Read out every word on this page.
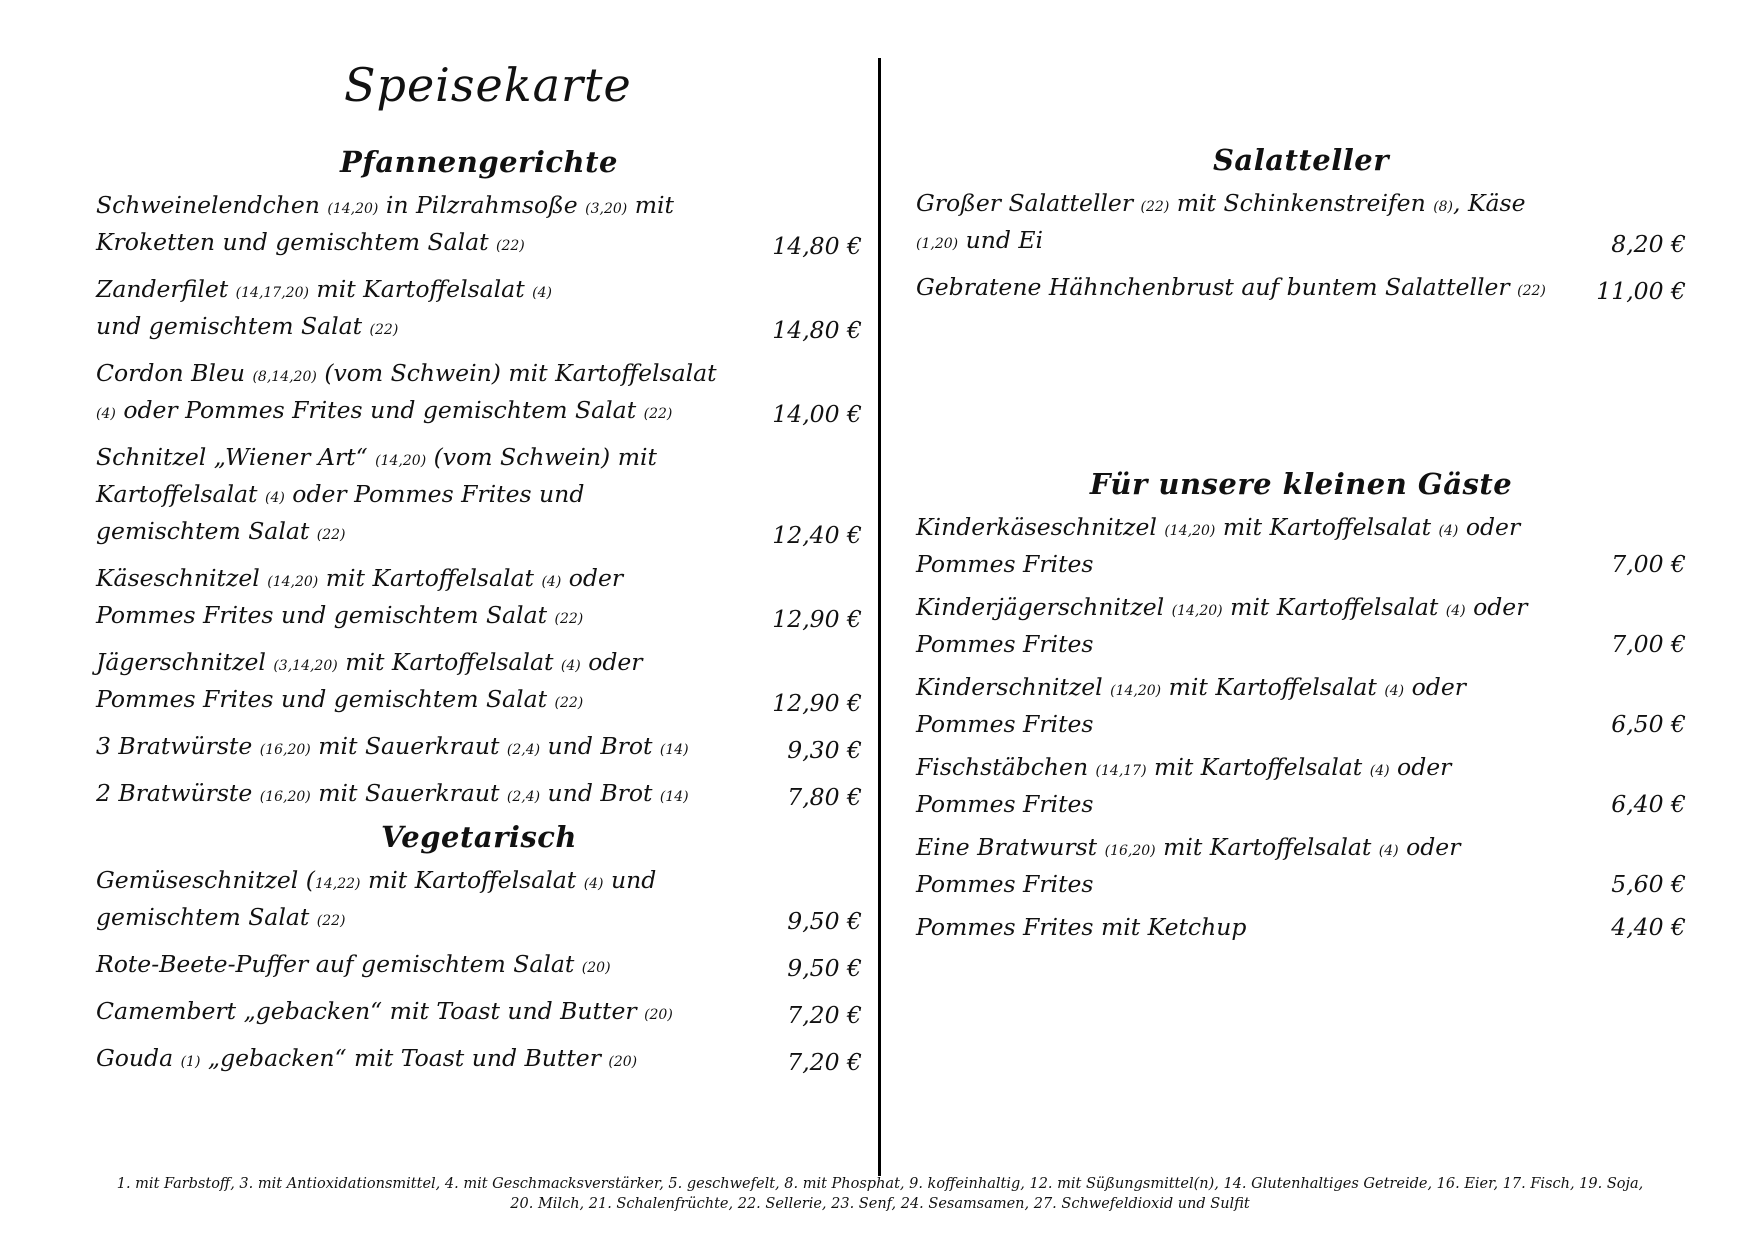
Speisekarte
Pfannengerichte
Schweinelendchen (14,20) in Pilzrahmsoße (3,20) mit
Kroketten und gemischtem Salat (22)	14,80 €
Zanderfilet (14,17,20) mit Kartoffelsalat (4)
und gemischtem Salat (22)	14,80 €
Cordon Bleu (8,14,20) (vom Schwein) mit Kartoffelsalat
(4) oder Pommes Frites und gemischtem Salat (22)	14,00 €
Schnitzel „Wiener Art“ (14,20) (vom Schwein) mit
Kartoffelsalat (4) oder Pommes Frites und
gemischtem Salat (22)	12,40 €
Käseschnitzel (14,20) mit Kartoffelsalat (4) oder
Pommes Frites und gemischtem Salat (22)	12,90 €
Jägerschnitzel (3,14,20) mit Kartoffelsalat (4) oder
Pommes Frites und gemischtem Salat (22)	12,90 €
3 Bratwürste (16,20) mit Sauerkraut (2,4) und Brot (14)	9,30 €
2 Bratwürste (16,20) mit Sauerkraut (2,4) und Brot (14)	7,80 €
Vegetarisch
Gemüseschnitzel (14,22) mit Kartoffelsalat (4) und
gemischtem Salat (22)	9,50 €
Rote-Beete-Puffer auf gemischtem Salat (20)	9,50 €
Camembert „gebacken“ mit Toast und Butter (20)	7,20 €
Gouda (1) „gebacken“ mit Toast und Butter (20)	7,20 €
Salatteller
Großer Salatteller (22) mit Schinkenstreifen (8), Käse
(1,20) und Ei	8,20 €
Gebratene Hähnchenbrust auf buntem Salatteller (22)	11,00 €
Für unsere kleinen Gäste
Kinderkäseschnitzel (14,20) mit Kartoffelsalat (4) oder
Pommes Frites	7,00 €
Kinderjägerschnitzel (14,20) mit Kartoffelsalat (4) oder
Pommes Frites	7,00 €
Kinderschnitzel (14,20) mit Kartoffelsalat (4) oder
Pommes Frites	6,50 €
Fischstäbchen (14,17) mit Kartoffelsalat (4) oder
Pommes Frites	6,40 €
Eine Bratwurst (16,20) mit Kartoffelsalat (4) oder
Pommes Frites	5,60 €
Pommes Frites mit Ketchup	4,40 €
1. mit Farbstoff, 3. mit Antioxidationsmittel, 4. mit Geschmacksverstärker, 5. geschwefelt, 8. mit Phosphat, 9. koffeinhaltig, 12. mit Süßungsmittel(n), 14. Glutenhaltiges Getreide, 16. Eier, 17. Fisch, 19. Soja,
20. Milch, 21. Schalenfrüchte, 22. Sellerie, 23. Senf, 24. Sesamsamen, 27. Schwefeldioxid und Sulfit
